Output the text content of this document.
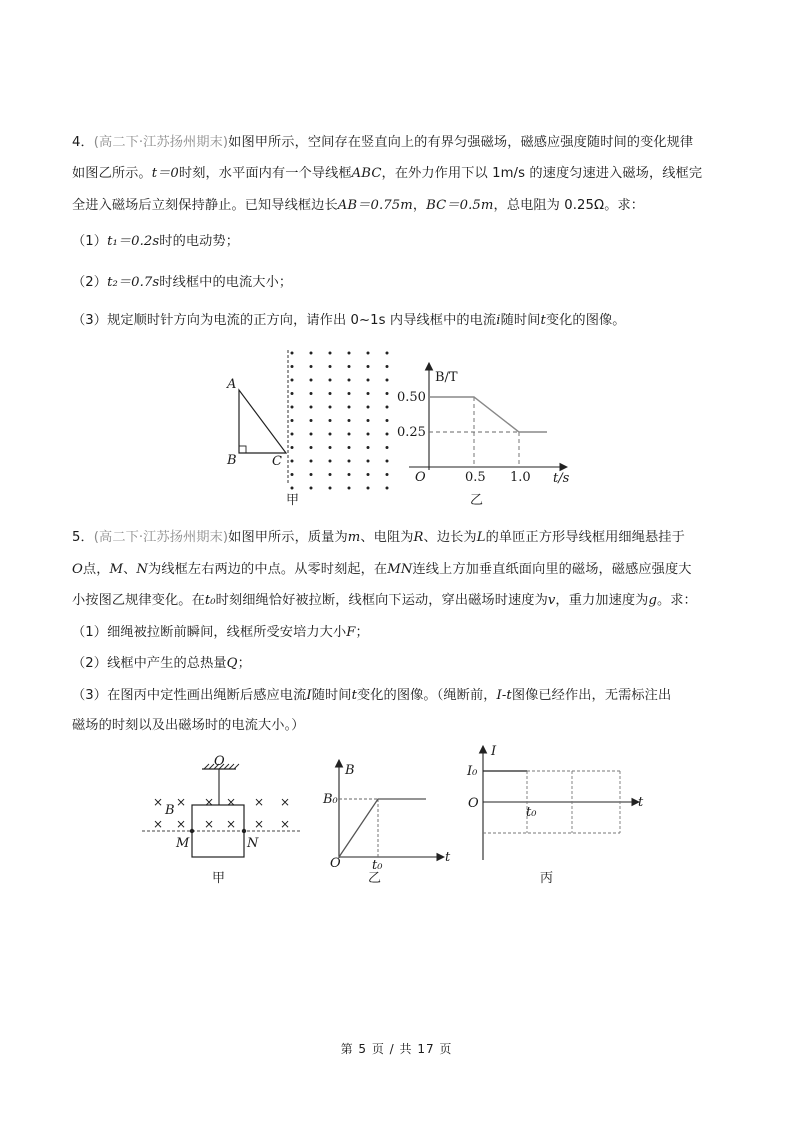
4．(高二下·江苏扬州期末)如图甲所示，空间存在竖直向上的有界匀强磁场，磁感应强度随时间的变化规律
如图乙所示。t＝0时刻，水平面内有一个导线框ABC，在外力作用下以 1m/s 的速度匀速进入磁场，线框完
全进入磁场后立刻保持静止。已知导线框边长AB＝0.75m，BC＝0.5m，总电阻为 0.25Ω。求：
（1）t₁＝0.2s时的电动势；
（2）t₂＝0.7s时线框中的电流大小；
（3）规定顺时针方向为电流的正方向，请作出 0~1s 内导线框中的电流i随时间t变化的图像。
A
B	C
甲
B/T
0.50
0.25
O	0.5 1.0 t/s
乙
5．(高二下·江苏扬州期末)如图甲所示，质量为m、电阻为R、边长为L的单匝正方形导线框用细绳悬挂于
O点，M、N为线框左右两边的中点。从零时刻起，在MN连线上方加垂直纸面向里的磁场，磁感应强度大
小按图乙规律变化。在t₀时刻细绳恰好被拉断，线框向下运动，穿出磁场时速度为v，重力加速度为g。求：
（1）细绳被拉断前瞬间，线框所受安培力大小F；
（2）线框中产生的总热量Q；
（3）在图丙中定性画出绳断后感应电流I随时间t变化的图像。（绳断前，I-t图像已经作出，无需标注出
磁场的时刻以及出磁场时的电流大小。）
× × × × × ×
× × × × × ×
O
B
M	N
甲
B
B₀
O t₀
t
乙
I
I₀
O
t₀
t
丙
第 5 页 / 共 17 页
